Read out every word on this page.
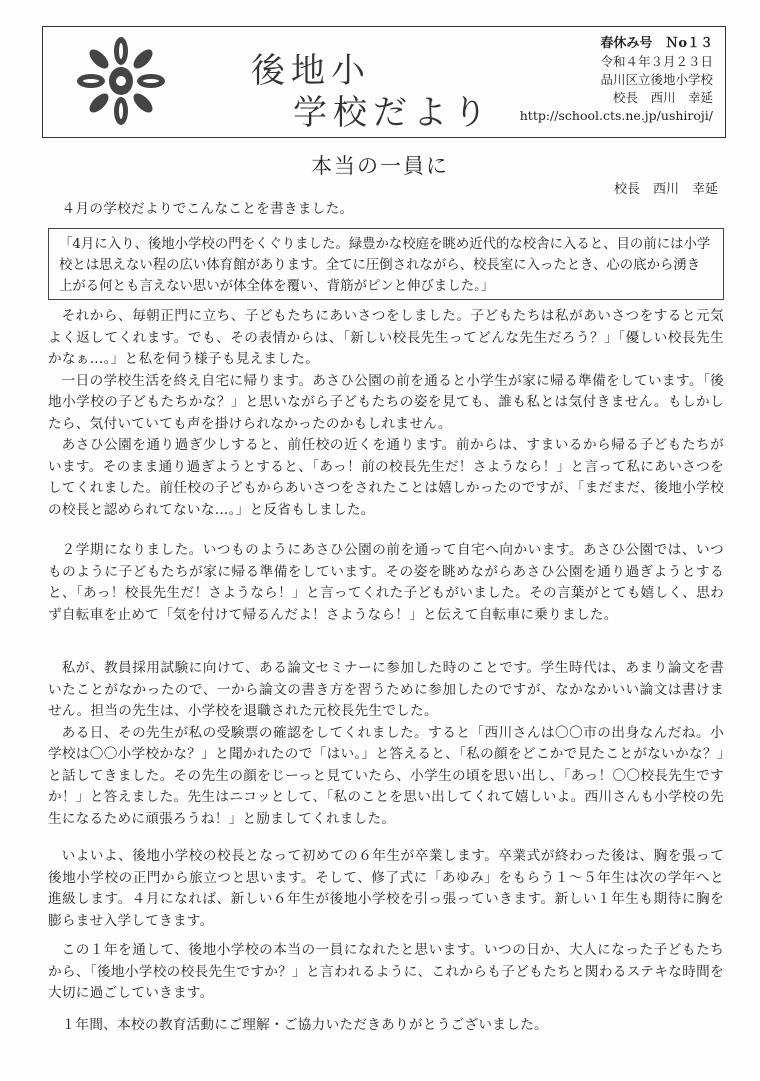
後地小
学校だより
春休み号　Ｎo１３
令和４年３月２３日
品川区立後地小学校
校長　西川　幸延
http://school.cts.ne.jp/ushiroji/
本当の一員に
校長　西川　幸延

４月の学校だよりでこんなことを書きました。

「4月に入り、後地小学校の門をくぐりました。緑豊かな校庭を眺め近代的な校舎に入ると、目の前には小学校とは思えない程の広い体育館があります。全てに圧倒されながら、校長室に入ったとき、心の底から湧き上がる何とも言えない思いが体全体を覆い、背筋がピンと伸びました。」

それから、毎朝正門に立ち、子どもたちにあいさつをしました。子どもたちは私があいさつをすると元気よく返してくれます。でも、その表情からは、「新しい校長先生ってどんな先生だろう？」「優しい校長先生かなぁ…。」と私を伺う様子も見えました。

一日の学校生活を終え自宅に帰ります。あさひ公園の前を通ると小学生が家に帰る準備をしています。「後地小学校の子どもたちかな？」と思いながら子どもたちの姿を見ても、誰も私とは気付きません。もしかしたら、気付いていても声を掛けられなかったのかもしれません。

あさひ公園を通り過ぎ少しすると、前任校の近くを通ります。前からは、すまいるから帰る子どもたちがいます。そのまま通り過ぎようとすると、「あっ！前の校長先生だ！さようなら！」と言って私にあいさつをしてくれました。前任校の子どもからあいさつをされたことは嬉しかったのですが、「まだまだ、後地小学校の校長と認められてないな…。」と反省もしました。

２学期になりました。いつものようにあさひ公園の前を通って自宅へ向かいます。あさひ公園では、いつものように子どもたちが家に帰る準備をしています。その姿を眺めながらあさひ公園を通り過ぎようとすると、「あっ！校長先生だ！さようなら！」と言ってくれた子どもがいました。その言葉がとても嬉しく、思わず自転車を止めて「気を付けて帰るんだよ！さようなら！」と伝えて自転車に乗りました。

私が、教員採用試験に向けて、ある論文セミナーに参加した時のことです。学生時代は、あまり論文を書いたことがなかったので、一から論文の書き方を習うために参加したのですが、なかなかいい論文は書けません。担当の先生は、小学校を退職された元校長先生でした。

ある日、その先生が私の受験票の確認をしてくれました。すると「西川さんは〇〇市の出身なんだね。小学校は〇〇小学校かな？」と聞かれたので「はい。」と答えると、「私の顔をどこかで見たことがないかな？」と話してきました。その先生の顔をじーっと見ていたら、小学生の頃を思い出し、「あっ！〇〇校長先生ですか！」と答えました。先生はニコッとして、「私のことを思い出してくれて嬉しいよ。西川さんも小学校の先生になるために頑張ろうね！」と励ましてくれました。

いよいよ、後地小学校の校長となって初めての６年生が卒業します。卒業式が終わった後は、胸を張って後地小学校の正門から旅立つと思います。そして、修了式に「あゆみ」をもらう１～５年生は次の学年へと進級します。４月になれば、新しい６年生が後地小学校を引っ張っていきます。新しい１年生も期待に胸を膨らませ入学してきます。

この１年を通して、後地小学校の本当の一員になれたと思います。いつの日か、大人になった子どもたちから、「後地小学校の校長先生ですか？」と言われるように、これからも子どもたちと関わるステキな時間を大切に過ごしていきます。

１年間、本校の教育活動にご理解・ご協力いただきありがとうございました。
